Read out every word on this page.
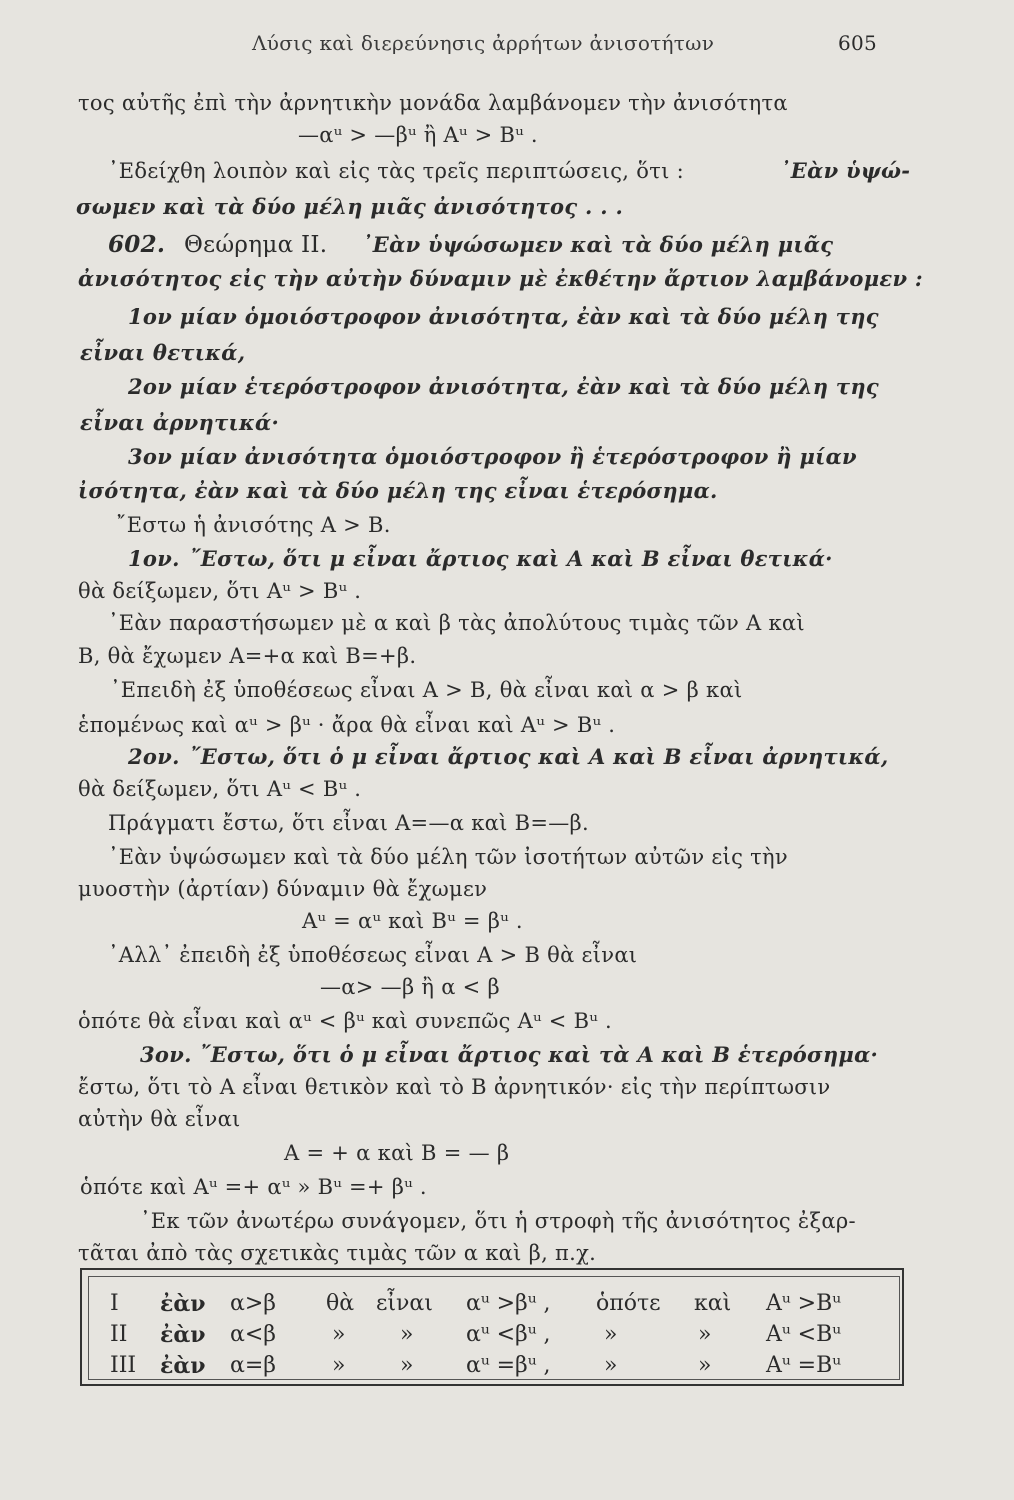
Λύσις καὶ διερεύνησις ἀρρήτων ἀνισοτήτων	605
τος αὐτῆς ἐπὶ τὴν ἀρνητικὴν μονάδα λαμβάνομεν τὴν ἀνισότητα
—αᵘ > —βᵘ ἢ Aᵘ > Bᵘ .
᾿Εδείχθη λοιπὸν καὶ εἰς τὰς τρεῖς περιπτώσεις, ὅτι :	᾿Εὰν ὑψώ-
σωμεν καὶ τὰ δύο μέλη μιᾶς ἀνισότητος . . .
602. Θεώρημα II. ᾿Εὰν ὑψώσωμεν καὶ τὰ δύο μέλη μιᾶς
ἀνισότητος εἰς τὴν αὐτὴν δύναμιν μὲ ἐκθέτην ἄρτιον λαμβάνομεν :
1ον μίαν ὁμοιόστροφον ἀνισότητα, ἐὰν καὶ τὰ δύο μέλη της
εἶναι θετικά,
2ον μίαν ἑτερόστροφον ἀνισότητα, ἐὰν καὶ τὰ δύο μέλη της
εἶναι ἀρνητικά·
3ον μίαν ἀνισότητα ὁμοιόστροφον ἢ ἑτερόστροφον ἢ μίαν
ἰσότητα, ἐὰν καὶ τὰ δύο μέλη της εἶναι ἑτερόσημα.
῎Εστω ἡ ἀνισότης A > B.
1ον. ῎Εστω, ὅτι μ εἶναι ἄρτιος καὶ A καὶ B εἶναι θετικά·
θὰ δείξωμεν, ὅτι Aᵘ > Bᵘ .
᾿Εὰν παραστήσωμεν μὲ α καὶ β τὰς ἀπολύτους τιμὰς τῶν A καὶ
B, θὰ ἔχωμεν A=+α καὶ B=+β.
᾿Επειδὴ ἐξ ὑποθέσεως εἶναι A > B, θὰ εἶναι καὶ α > β καὶ
ἑπομένως καὶ αᵘ > βᵘ · ἄρα θὰ εἶναι καὶ Aᵘ > Bᵘ .
2ον. ῎Εστω, ὅτι ὁ μ εἶναι ἄρτιος καὶ A καὶ B εἶναι ἀρνητικά,
θὰ δείξωμεν, ὅτι Aᵘ < Bᵘ .
Πράγματι ἔστω, ὅτι εἶναι A=—α καὶ B=—β.
᾿Εὰν ὑψώσωμεν καὶ τὰ δύο μέλη τῶν ἰσοτήτων αὐτῶν εἰς τὴν
μυοστὴν (ἀρτίαν) δύναμιν θὰ ἔχωμεν
Aᵘ = αᵘ καὶ Bᵘ = βᵘ .
᾿Αλλ᾿ ἐπειδὴ ἐξ ὑποθέσεως εἶναι A > B θὰ εἶναι
—α> —β ἢ α < β
ὁπότε θὰ εἶναι καὶ αᵘ < βᵘ καὶ συνεπῶς Aᵘ < Bᵘ .
3ον. ῎Εστω, ὅτι ὁ μ εἶναι ἄρτιος καὶ τὰ A καὶ B ἑτερόσημα·
ἔστω, ὅτι τὸ A εἶναι θετικὸν καὶ τὸ B ἀρνητικόν· εἰς τὴν περίπτωσιν
αὐτὴν θὰ εἶναι
A = + α καὶ B = — β
ὁπότε καὶ Aᵘ =+ αᵘ » Bᵘ =+ βᵘ .
᾿Εκ τῶν ἀνωτέρω συνάγομεν, ὅτι ἡ στροφὴ τῆς ἀνισότητος ἐξαρ-
τᾶται ἀπὸ τὰς σχετικὰς τιμὰς τῶν α καὶ β, π.χ.
I ἐὰν α>β θὰ εἶναι αᵘ >βᵘ , ὁπότε καὶ Aᵘ >Bᵘ
II ἐὰν α<β	» » αᵘ <βᵘ , »	» Aᵘ <Bᵘ
III ἐὰν α=β	» » αᵘ =βᵘ , »	» Aᵘ =Bᵘ
